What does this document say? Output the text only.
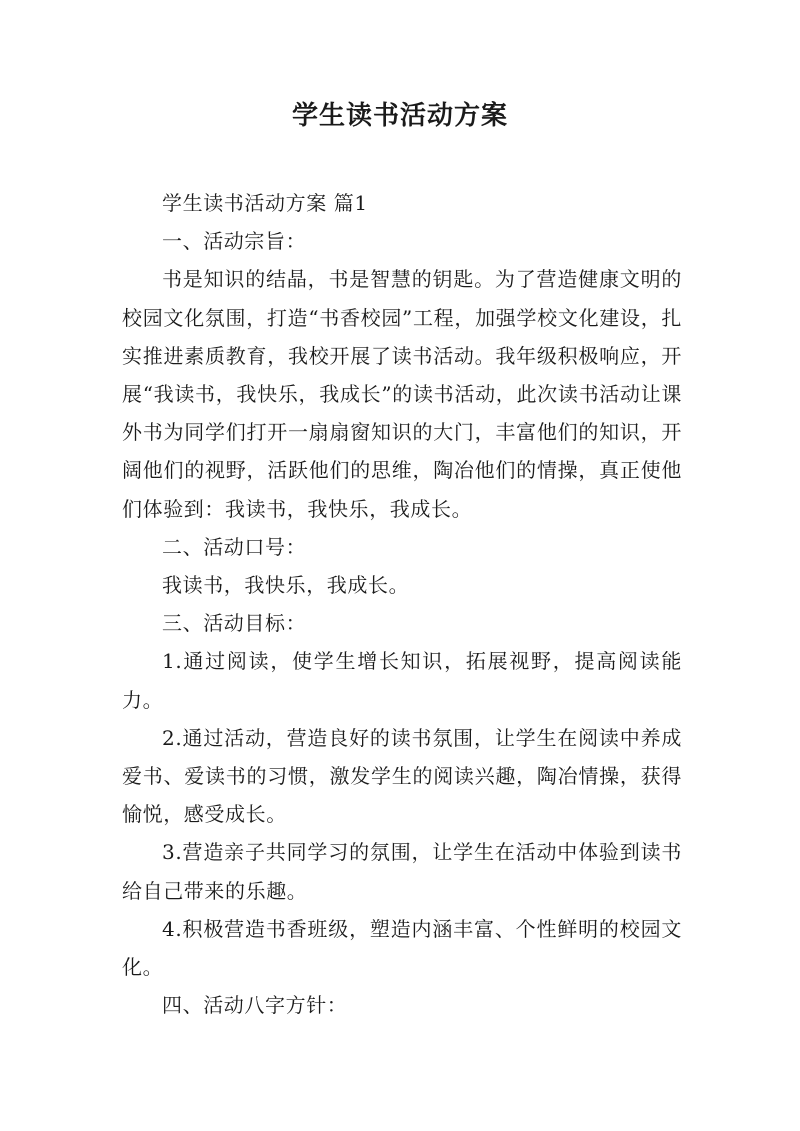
学生读书活动方案

学生读书活动方案 篇1

一、活动宗旨：

书是知识的结晶，书是智慧的钥匙。为了营造健康文明的校园文化氛围，打造“书香校园”工程，加强学校文化建设，扎实推进素质教育，我校开展了读书活动。我年级积极响应，开展“我读书，我快乐，我成长”的读书活动，此次读书活动让课外书为同学们打开一扇扇窗知识的大门，丰富他们的知识，开阔他们的视野，活跃他们的思维，陶冶他们的情操，真正使他们体验到：我读书，我快乐，我成长。

二、活动口号：

我读书，我快乐，我成长。

三、活动目标：

1.通过阅读，使学生增长知识，拓展视野，提高阅读能力。

2.通过活动，营造良好的读书氛围，让学生在阅读中养成爱书、爱读书的习惯，激发学生的阅读兴趣，陶冶情操，获得愉悦，感受成长。

3.营造亲子共同学习的氛围，让学生在活动中体验到读书给自己带来的乐趣。

4.积极营造书香班级，塑造内涵丰富、个性鲜明的校园文化。

四、活动八字方针：
